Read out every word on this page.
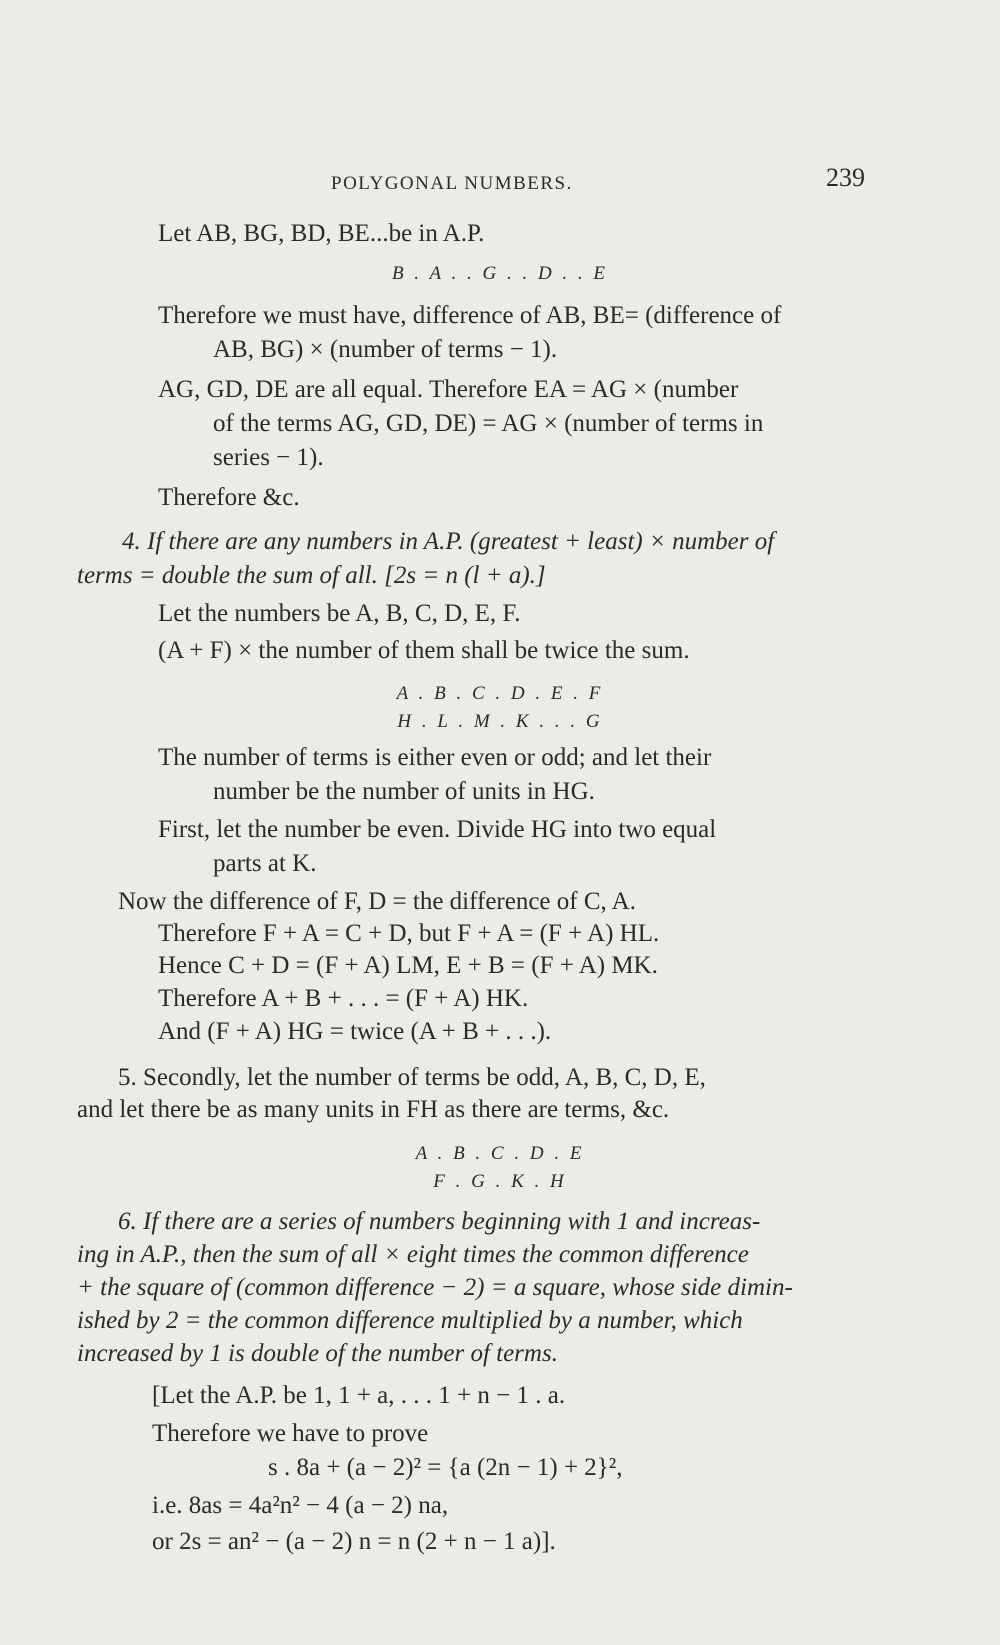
POLYGONAL NUMBERS.	239
Let AB, BG, BD, BE...be in A.P.
B . A . . G . . D . . E
Therefore we must have, difference of AB, BE= (difference of
AB, BG) × (number of terms − 1).
AG, GD, DE are all equal. Therefore EA = AG × (number
of the terms AG, GD, DE) = AG × (number of terms in
series − 1).
Therefore &c.
4. If there are any numbers in A.P. (greatest + least) × number of
terms = double the sum of all. [2s = n (l + a).]
Let the numbers be A, B, C, D, E, F.
(A + F) × the number of them shall be twice the sum.
A . B . C . D . E . F
H . L . M . K . . . G
The number of terms is either even or odd; and let their
number be the number of units in HG.
First, let the number be even. Divide HG into two equal
parts at K.
Now the difference of F, D = the difference of C, A.
Therefore F + A = C + D, but F + A = (F + A) HL.
Hence C + D = (F + A) LM, E + B = (F + A) MK.
Therefore A + B + . . . = (F + A) HK.
And (F + A) HG = twice (A + B + . . .).
5. Secondly, let the number of terms be odd, A, B, C, D, E,
and let there be as many units in FH as there are terms, &c.
A . B . C . D . E
F . G . K . H
6. If there are a series of numbers beginning with 1 and increas-
ing in A.P., then the sum of all × eight times the common difference
+ the square of (common difference − 2) = a square, whose side dimin-
ished by 2 = the common difference multiplied by a number, which
increased by 1 is double of the number of terms.
[Let the A.P. be 1, 1 + a, . . . 1 + n − 1 . a.
Therefore we have to prove
s . 8a + (a − 2)² = {a (2n − 1) + 2}²,
i.e. 8as = 4a²n² − 4 (a − 2) na,
or 2s = an² − (a − 2) n = n (2 + n − 1 a)].
